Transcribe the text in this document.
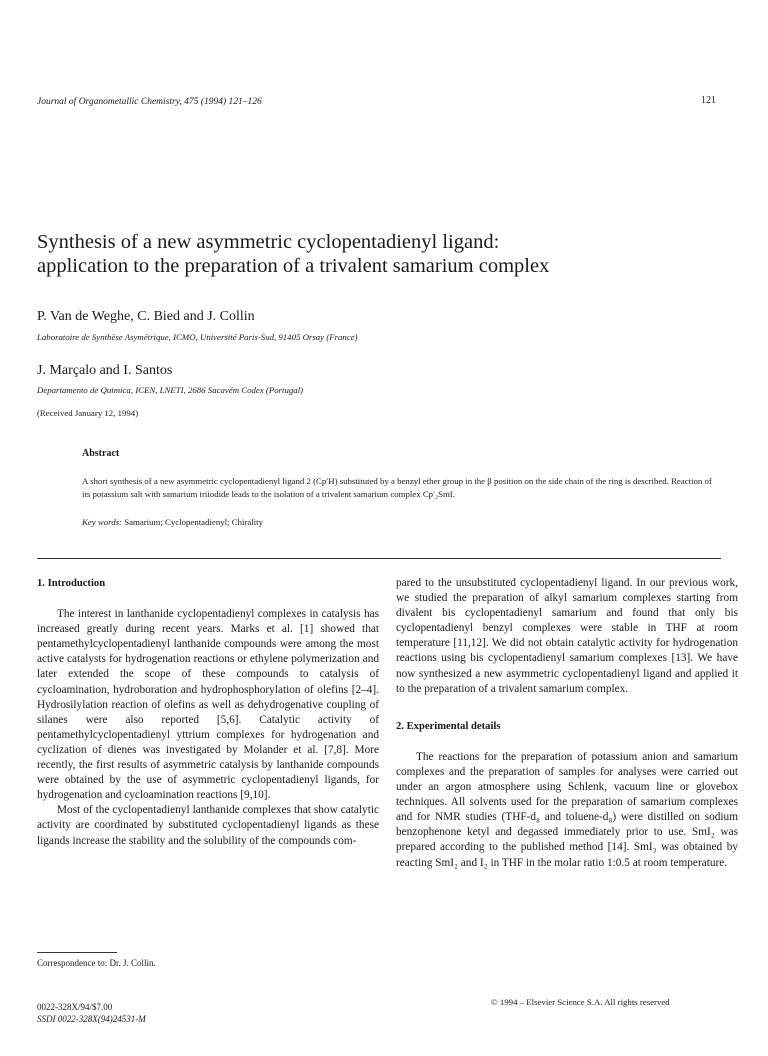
Journal of Organometallic Chemistry, 475 (1994) 121–126	121
Synthesis of a new asymmetric cyclopentadienyl ligand:
application to the preparation of a trivalent samarium complex
P. Van de Weghe, C. Bied and J. Collin
Laboratoire de Synthèse Asymétrique, ICMO, Université Paris-Sud, 91405 Orsay (France)
J. Marçalo and I. Santos
Departamento de Quimica, ICEN, LNETI, 2686 Sacavém Codex (Portugal)
(Received January 12, 1994)

Abstract

A short synthesis of a new asymmetric cyclopentadienyl ligand 2 (Cp′H) substituted by a benzyl ether group in the β position on the side chain of the ring is described. Reaction of its potassium salt with samarium triiodide leads to the isolation of a trivalent samarium complex Cp′₂SmI.

Key words: Samarium; Cyclopentadienyl; Chirality

1. Introduction

The interest in lanthanide cyclopentadienyl complexes in catalysis has increased greatly during recent years. Marks et al. [1] showed that pentamethylcyclopentadienyl lanthanide compounds were among the most active catalysts for hydrogenation reactions or ethylene polymerization and later extended the scope of these compounds to catalysis of cycloamination, hydroboration and hydrophosphorylation of olefins [2–4]. Hydrosilylation reaction of olefins as well as dehydrogenative coupling of silanes were also reported [5,6]. Catalytic activity of pentamethylcyclopentadienyl yttrium complexes for hydrogenation and cyclization of dienes was investigated by Molander et al. [7,8]. More recently, the first results of asymmetric catalysis by lanthanide compounds were obtained by the use of asymmetric cyclopentadienyl ligands, for hydrogenation and cycloamination reactions [9,10].

Most of the cyclopentadienyl lanthanide complexes that show catalytic activity are coordinated by substituted cyclopentadienyl ligands as these ligands increase the stability and the solubility of the compounds com-

pared to the unsubstituted cyclopentadienyl ligand. In our previous work, we studied the preparation of alkyl samarium complexes starting from divalent bis cyclopentadienyl samarium and found that only bis cyclopentadienyl benzyl complexes were stable in THF at room temperature [11,12]. We did not obtain catalytic activity for hydrogenation reactions using bis cyclopentadienyl samarium complexes [13]. We have now synthesized a new asymmetric cyclopentadienyl ligand and applied it to the preparation of a trivalent samarium complex.

2. Experimental details

The reactions for the preparation of potassium anion and samarium complexes and the preparation of samples for analyses were carried out under an argon atmosphere using Schlenk, vacuum line or glovebox techniques. All solvents used for the preparation of samarium complexes and for NMR studies (THF-d₈ and toluene-d₈) were distilled on sodium benzophenone ketyl and degassed immediately prior to use. SmI₂ was prepared according to the published method [14]. SmI₃ was obtained by reacting SmI₂ and I₂ in THF in the molar ratio 1:0.5 at room temperature.

Correspondence to: Dr. J. Collin.
0022-328X/94/$7.00
SSDI 0022-328X(94)24531-M
© 1994 – Elsevier Science S.A. All rights reserved
